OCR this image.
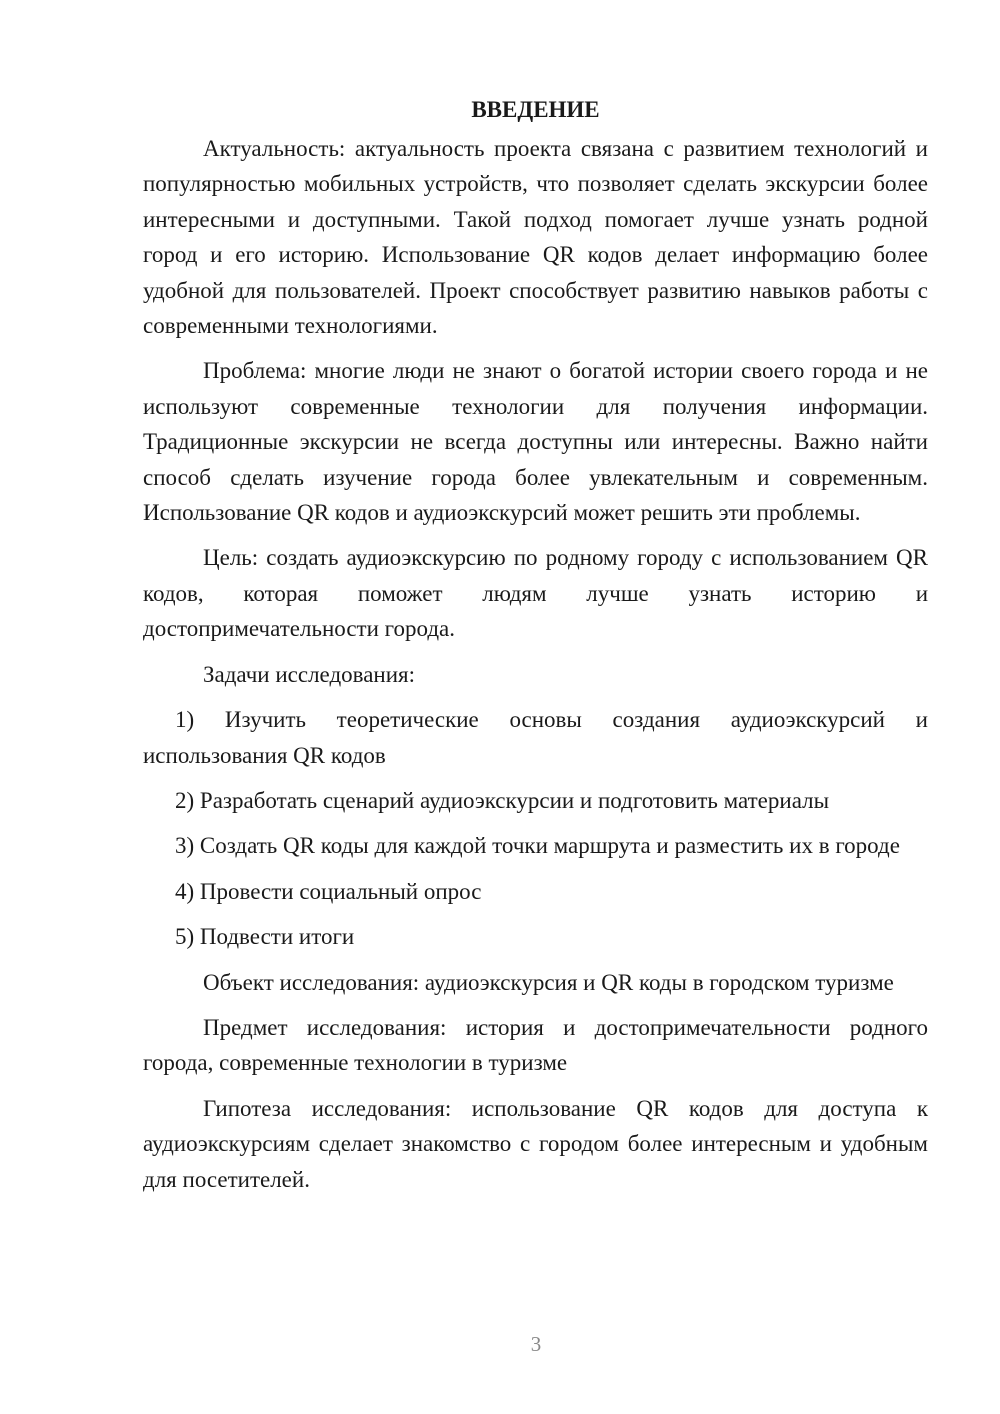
ВВЕДЕНИЕ

Актуальность: актуальность проекта связана с развитием технологий и популярностью мобильных устройств, что позволяет сделать экскурсии более интересными и доступными. Такой подход помогает лучше узнать родной город и его историю. Использование QR кодов делает информацию более удобной для пользователей. Проект способствует развитию навыков работы с современными технологиями.

Проблема: многие люди не знают о богатой истории своего города и не используют современные технологии для получения информации. Традиционные экскурсии не всегда доступны или интересны. Важно найти способ сделать изучение города более увлекательным и современным. Использование QR кодов и аудиоэкскурсий может решить эти проблемы.

Цель: создать аудиоэкскурсию по родному городу с использованием QR кодов, которая поможет людям лучше узнать историю и достопримечательности города.

Задачи исследования:

1) Изучить теоретические основы создания аудиоэкскурсий и использования QR кодов

2) Разработать сценарий аудиоэкскурсии и подготовить материалы

3) Создать QR коды для каждой точки маршрута и разместить их в городе

4) Провести социальный опрос

5) Подвести итоги

Объект исследования: аудиоэкскурсия и QR коды в городском туризме

Предмет исследования: история и достопримечательности родного города, современные технологии в туризме

Гипотеза исследования: использование QR кодов для доступа к аудиоэкскурсиям сделает знакомство с городом более интересным и удобным для посетителей.

3
